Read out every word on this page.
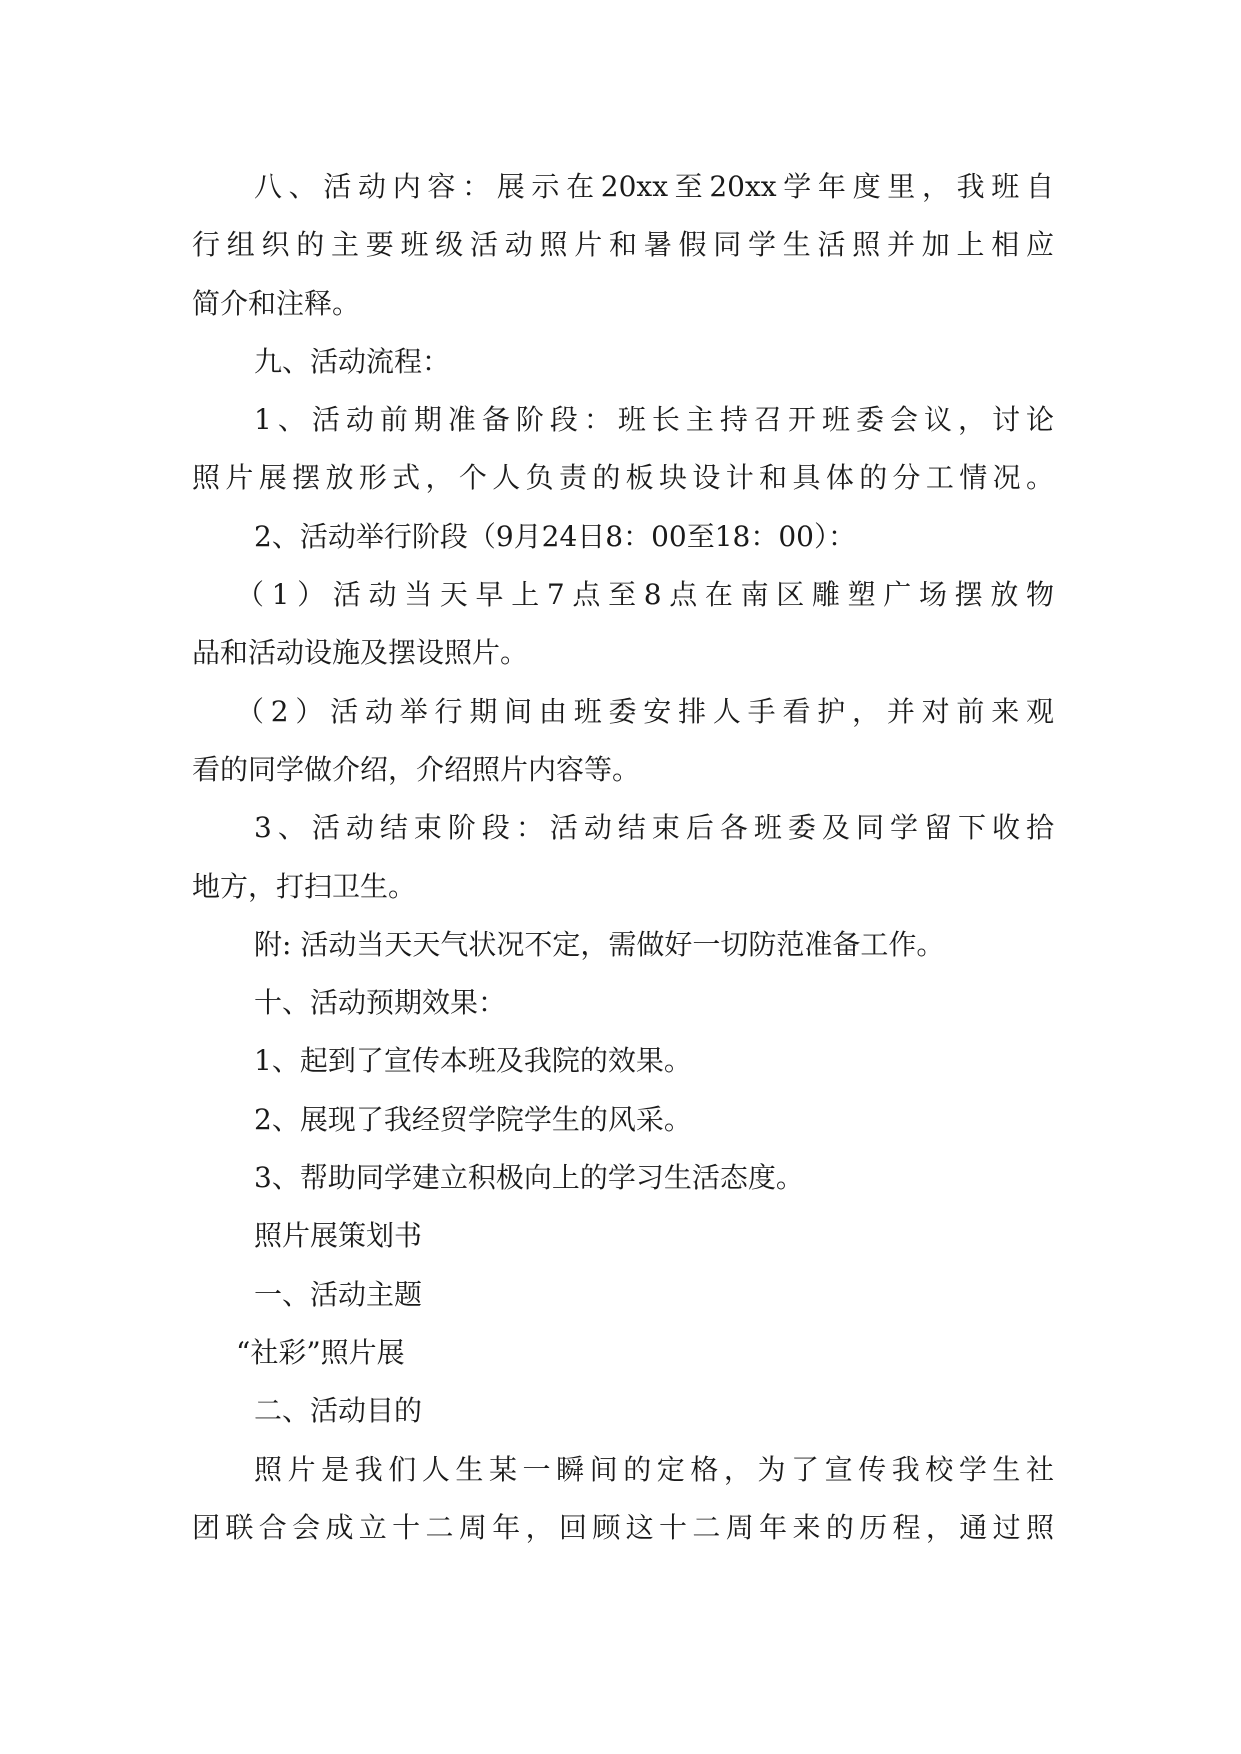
八、活动内容：展示在20xx至20xx学年度里，我班自
行组织的主要班级活动照片和暑假同学生活照并加上相应
简介和注释。
九、活动流程：
1、活动前期准备阶段：班长主持召开班委会议，讨论
照片展摆放形式，个人负责的板块设计和具体的分工情况。
2、活动举行阶段（9月24日8：00至18：00）：
（1）活动当天早上7点至8点在南区雕塑广场摆放物
品和活动设施及摆设照片。
（2）活动举行期间由班委安排人手看护，并对前来观
看的同学做介绍，介绍照片内容等。
3、活动结束阶段：活动结束后各班委及同学留下收拾
地方，打扫卫生。
附: 活动当天天气状况不定，需做好一切防范准备工作。
十、活动预期效果：
1、起到了宣传本班及我院的效果。
2、展现了我经贸学院学生的风采。
3、帮助同学建立积极向上的学习生活态度。
照片展策划书
一、活动主题
“社彩”照片展
二、活动目的
照片是我们人生某一瞬间的定格，为了宣传我校学生社
团联合会成立十二周年，回顾这十二周年来的历程，通过照
